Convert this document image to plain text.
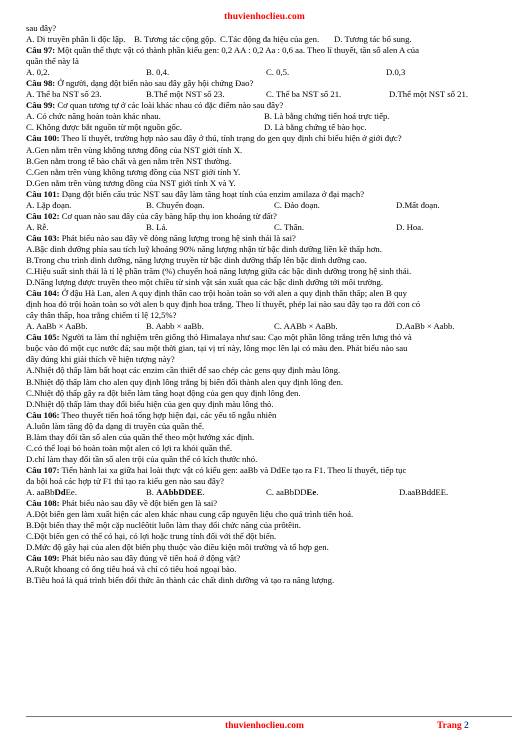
thuvienhoclieu.com
sau đây?
A. Di truyền phân li độc lập. B. Tương tác cộng gộp. C.Tác động đa hiệu của gen.	D. Tương tác bổ sung.
Câu 97: Một quần thể thực vật có thành phần kiểu gen: 0,2 AA : 0,2 Aa : 0,6 aa. Theo lí thuyết, tần số alen A của
quần thể này là
A. 0,2.	B. 0,4.	C. 0,5.	D.0,3
Câu 98: Ở người, dạng đột biến nào sau đây gây hội chứng Đao?
A. Thể ba NST số 23.	B.Thể một NST số 23.	C. Thể ba NST số 21.	D.Thể một NST số 21.
Câu 99: Cơ quan tương tự ở các loài khác nhau có đặc điểm nào sau đây?
A. Có chức năng hoàn toàn khác nhau.	B. Là bằng chứng tiến hoá trực tiếp.
C. Không được bắt nguồn từ một nguồn gốc.	D. Là bằng chứng tế bào học.
Câu 100: Theo lí thuyết, trường hợp nào sau đây ở thú, tính trạng do gen quy định chỉ biểu hiện ở giới đực?
A.Gen nằm trên vùng không tương đồng của NST giới tính X.
B.Gen nằm trong tế bào chất và gen nằm trên NST thường.
C.Gen nằm trên vùng không tương đồng của NST giới tính Y.
D.Gen nằm trên vùng tương đồng của NST giới tính X và Y.
Câu 101: Dạng đột biến cấu trúc NST sau đây làm tăng hoạt tính của enzim amilaza ở đại mạch?
A. Lặp đoạn.	B. Chuyển đoạn.	C. Đảo đoạn.	D.Mất đoạn.
Câu 102: Cơ quan nào sau đây của cây bàng hấp thụ ion khoáng từ đất?
A. Rễ.	B. Lá.	C. Thân.	D. Hoa.
Câu 103: Phát biểu nào sau đây về dòng năng lượng trong hệ sinh thái là sai?
A.Bậc dinh dưỡng phía sau tích luỹ khoảng 90% năng lượng nhận từ bậc dinh dưỡng liền kề thấp hơn.
B.Trong chu trình dinh dưỡng, năng lượng truyền từ bậc dinh dưỡng thấp lên bậc dinh dưỡng cao.
C.Hiệu suất sinh thái là tỉ lệ phần trăm (%) chuyển hoá năng lượng giữa các bậc dinh dưỡng trong hệ sinh thái.
D.Năng lượng được truyền theo một chiều từ sinh vật sản xuất qua các bậc dinh dưỡng tới môi trường.
Câu 104: Ở đậu Hà Lan, alen A quy định thân cao trội hoàn toàn so với alen a quy định thân thấp; alen B quy
định hoa đỏ trội hoàn toàn so với alen b quy định hoa trắng. Theo lí thuyết, phép lai nào sau đây tạo ra đời con có
cây thân thấp, hoa trắng chiếm tỉ lệ 12,5%?
A. AaBb × AaBb.	B. Aabb × aaBb.	C. AABb × AaBb.	D.AaBb × Aabb.
Câu 105: Người ta làm thí nghiệm trên giống thỏ Himalaya như sau: Cạo một phần lông trắng trên lưng thỏ và
buộc vào đó một cục nước đá; sau một thời gian, tại vị trí này, lông mọc lên lại có màu đen. Phát biểu nào sau
đây đúng khi giải thích về hiện tượng này?
A.Nhiệt độ thấp làm bất hoạt các enzim cần thiết để sao chép các gens quy định màu lông.
B.Nhiệt độ thấp làm cho alen quy định lông trắng bị biến đổi thành alen quy định lông đen.
C.Nhiệt độ thấp gây ra đột biến làm tăng hoạt động của gen quy định lông đen.
D.Nhiệt độ thấp làm thay đổi biểu hiện của gen quy định màu lông thỏ.
Câu 106: Theo thuyết tiến hoá tổng hợp hiện đại, các yếu tố ngẫu nhiên
A.luôn làm tăng độ đa dạng di truyền của quần thể.
B.làm thay đổi tần số alen của quần thể theo một hướng xác định.
C.có thể loại bỏ hoàn toàn một alen có lợi ra khỏi quần thể.
D.chỉ làm thay đổi tần số alen trội của quần thể có kích thước nhỏ.
Câu 107: Tiến hành lai xa giữa hai loài thực vật có kiểu gen: aaBb và DdEe tạo ra F1. Theo lí thuyết, tiếp tục
đa bội hoá các hợp tử F1 thì tạo ra kiểu gen nào sau đây?
A. aaBbDdEe.	B. AAbbDDEE.	C. aaBbDDEe.	D.aaBBddEE.
Câu 108: Phát biểu nào sau đây về đột biến gen là sai?
A.Đột biến gen làm xuất hiện các alen khác nhau cung cấp nguyên liệu cho quá trình tiến hoá.
B.Đột biến thay thế một cặp nuclêôtit luôn làm thay đổi chức năng của prôtêin.
C.Đột biến gen có thể có hại, có lợi hoặc trung tính đối với thể đột biến.
D.Mức độ gây hại của alen đột biến phụ thuộc vào điều kiện môi trường và tổ hợp gen.
Câu 109: Phát biểu nào sau đây đúng về tiến hoá ở động vật?
A.Ruột khoang có ống tiêu hoá và chỉ có tiêu hoá ngoại bào.
B.Tiêu hoá là quá trình biến đổi thức ăn thành các chất dinh dưỡng và tạo ra năng lượng.
thuvienhoclieu.com	Trang 2
